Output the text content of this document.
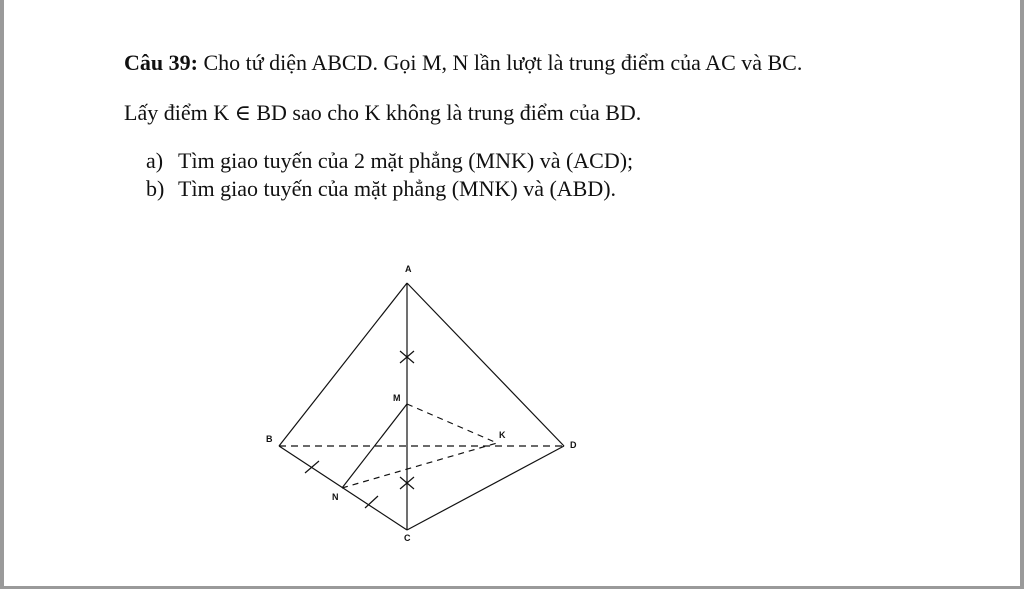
Câu 39: Cho tứ diện ABCD. Gọi M, N lần lượt là trung điểm của AC và BC.
Lấy điểm K ∈ BD sao cho K không là trung điểm của BD.
a) Tìm giao tuyến của 2 mặt phẳng (MNK) và (ACD);
b) Tìm giao tuyến của mặt phẳng (MNK) và (ABD).
A
B
C
D
M
N
K
